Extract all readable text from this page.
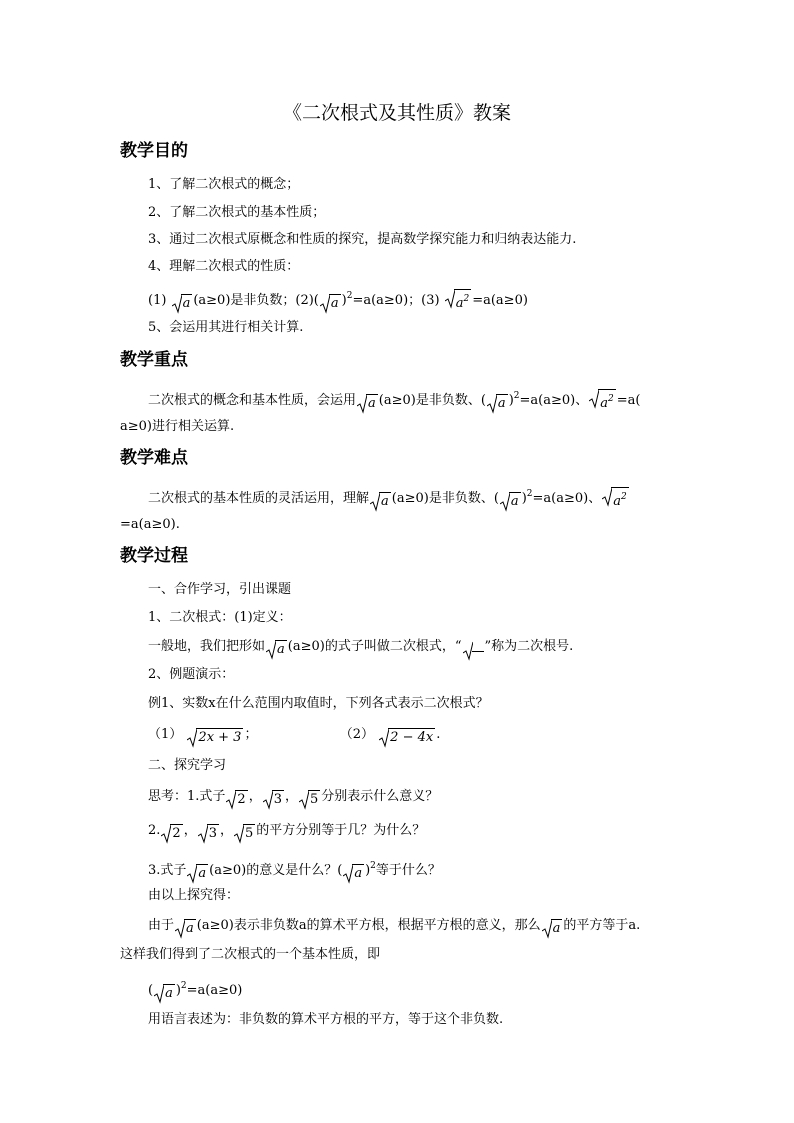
《二次根式及其性质》教案
教学目的
1、了解二次根式的概念；
2、了解二次根式的基本性质；
3、通过二次根式原概念和性质的探究，提高数学探究能力和归纳表达能力.
4、理解二次根式的性质：
(1) a (a≥0)是非负数；(2)( a )$^2$=a(a≥0)；(3) $a^2 =a(a\ge 0)$
5、会运用其进行相关计算.
教学重点
二次根式的概念和基本性质，会运用 a (a≥0)是非负数、( a )$^2$=a(a≥0)、 $a^2 =a$(
a≥0)进行相关运算.
教学难点
二次根式的基本性质的灵活运用，理解 a (a≥0)是非负数、( a )$^2$=a(a≥0)、 $a^2$
=a(a≥0).
教学过程
一、合作学习，引出课题
1、二次根式：(1)定义：
一般地，我们把形如 a (a≥0)的式子叫做二次根式，“ ”称为二次根号.
2、例题演示：
例1、实数x在什么范围内取值时，下列各式表示二次根式？
（1） 2x + 3 ；	（2） 2 − 4x .
二、探究学习
思考：1.式子 2 ， 3 ， 5 分别表示什么意义？
2. 2 ， 3 ， 5 的平方分别等于几？为什么？
3.式子 a (a≥0)的意义是什么？( a )$^2$等于什么？
由以上探究得：
由于 a (a≥0)表示非负数a的算术平方根，根据平方根的意义，那么 a 的平方等于a.
这样我们得到了二次根式的一个基本性质，即
( a )$^2$=a(a≥0)
用语言表述为：非负数的算术平方根的平方，等于这个非负数.
